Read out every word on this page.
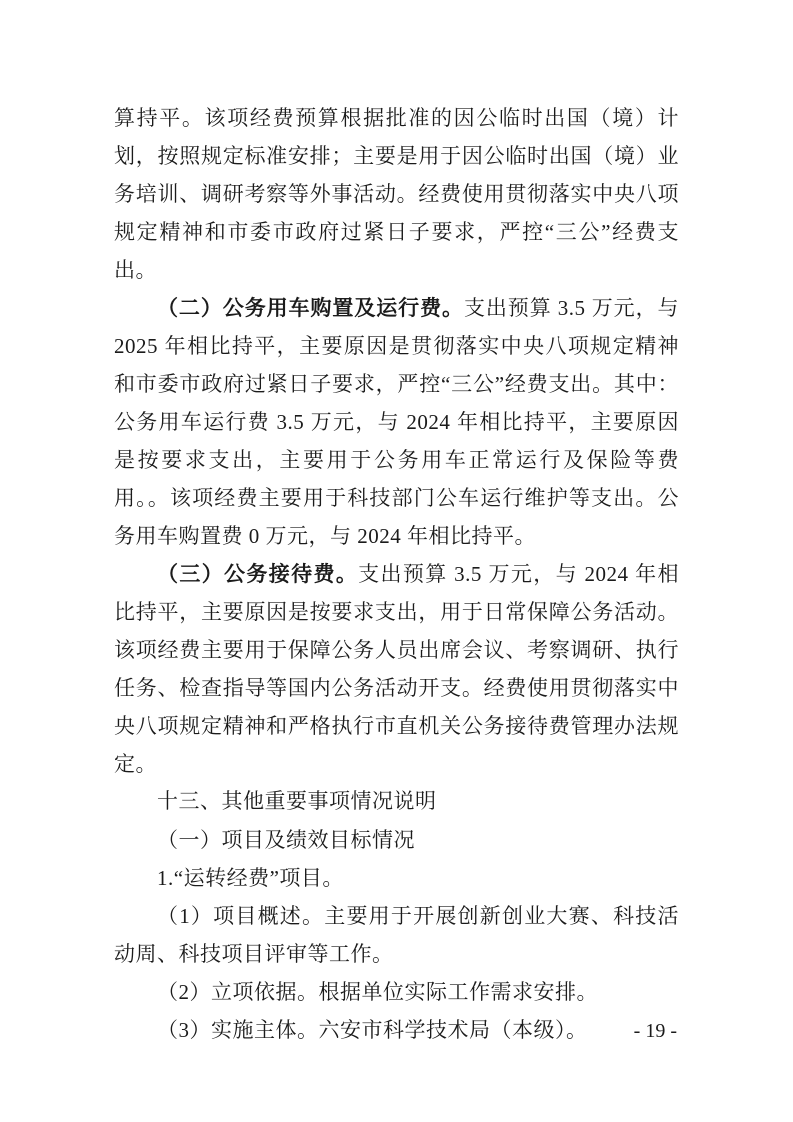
算持平。该项经费预算根据批准的因公临时出国（境）计划，按照规定标准安排；主要是用于因公临时出国（境）业务培训、调研考察等外事活动。经费使用贯彻落实中央八项规定精神和市委市政府过紧日子要求，严控“三公”经费支出。

（二）公务用车购置及运行费。支出预算 3.5 万元，与 2025 年相比持平，主要原因是贯彻落实中央八项规定精神和市委市政府过紧日子要求，严控“三公”经费支出。其中：公务用车运行费 3.5 万元，与 2024 年相比持平，主要原因是按要求支出，主要用于公务用车正常运行及保险等费用。。该项经费主要用于科技部门公车运行维护等支出。公务用车购置费 0 万元，与 2024 年相比持平。

（三）公务接待费。支出预算 3.5 万元，与 2024 年相比持平，主要原因是按要求支出，用于日常保障公务活动。该项经费主要用于保障公务人员出席会议、考察调研、执行任务、检查指导等国内公务活动开支。经费使用贯彻落实中央八项规定精神和严格执行市直机关公务接待费管理办法规定。

十三、其他重要事项情况说明
（一）项目及绩效目标情况
1.“运转经费”项目。

（1）项目概述。主要用于开展创新创业大赛、科技活动周、科技项目评审等工作。

（2）立项依据。根据单位实际工作需求安排。

（3）实施主体。六安市科学技术局（本级）。	- 19 -
